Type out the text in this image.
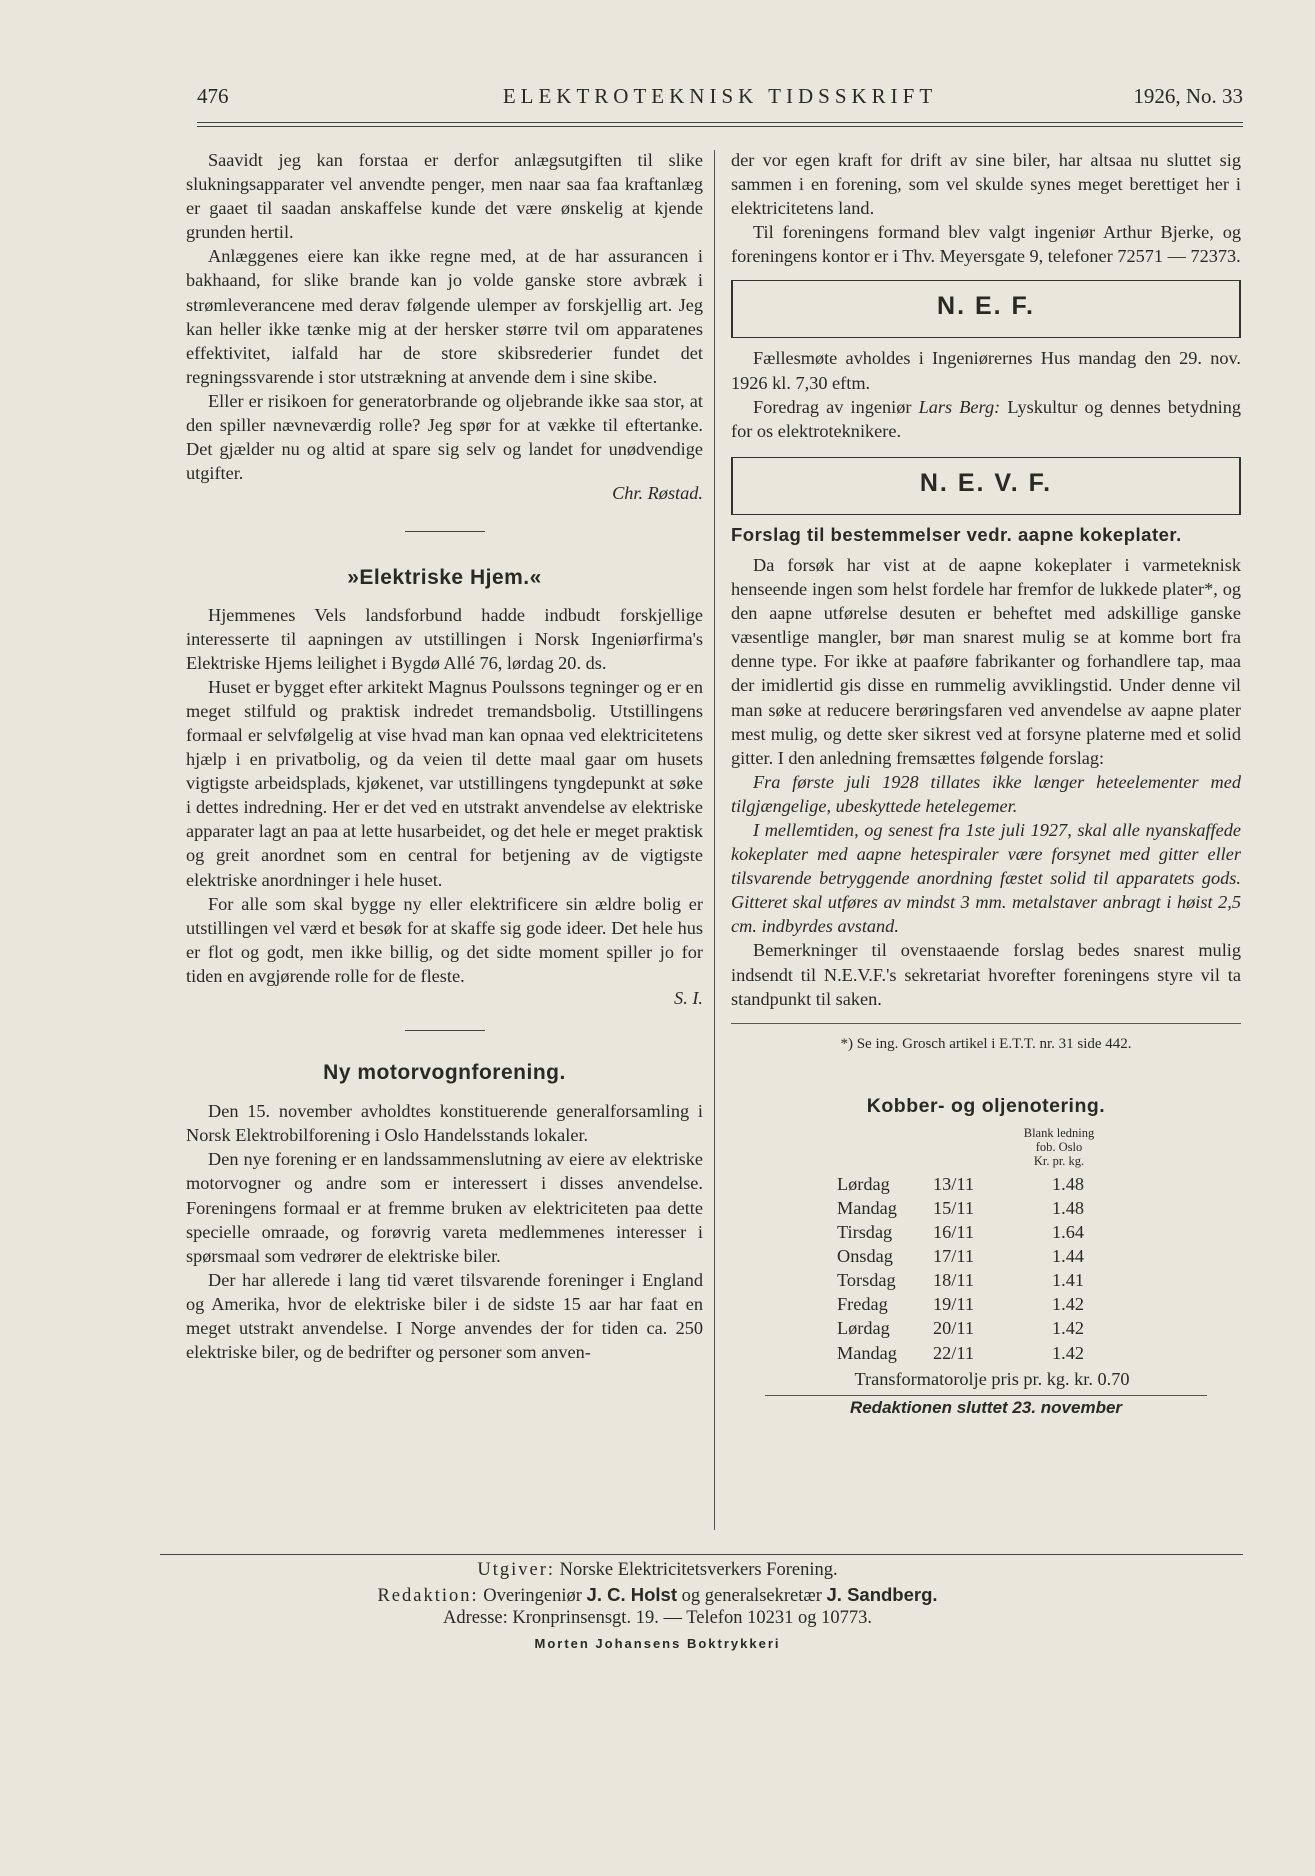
476	ELEKTROTEKNISK TIDSSKRIFT	1926, No. 33

Saavidt jeg kan forstaa er derfor anlægsutgiften til slike slukningsapparater vel anvendte penger, men naar saa faa kraftanlæg er gaaet til saadan anskaffelse kunde det være ønskelig at kjende grunden hertil.

Anlæggenes eiere kan ikke regne med, at de har assurancen i bakhaand, for slike brande kan jo volde ganske store avbræk i strømleverancene med derav følgende ulemper av forskjellig art. Jeg kan heller ikke tænke mig at der hersker større tvil om apparatenes effektivitet, ialfald har de store skibsrederier fundet det regningssvarende i stor utstrækning at anvende dem i sine skibe.

Eller er risikoen for generatorbrande og oljebrande ikke saa stor, at den spiller nævneværdig rolle? Jeg spør for at vække til eftertanke. Det gjælder nu og altid at spare sig selv og landet for unødvendige utgifter.

Chr. Røstad.

»Elektriske Hjem.«

Hjemmenes Vels landsforbund hadde indbudt forskjellige interesserte til aapningen av utstillingen i Norsk Ingeniørfirma's Elektriske Hjems leilighet i Bygdø Allé 76, lørdag 20. ds.

Huset er bygget efter arkitekt Magnus Poulssons tegninger og er en meget stilfuld og praktisk indredet tremandsbolig. Utstillingens formaal er selvfølgelig at vise hvad man kan opnaa ved elektricitetens hjælp i en privatbolig, og da veien til dette maal gaar om husets vigtigste arbeidsplads, kjøkenet, var utstillingens tyngdepunkt at søke i dettes indredning. Her er det ved en utstrakt anvendelse av elektriske apparater lagt an paa at lette husarbeidet, og det hele er meget praktisk og greit anordnet som en central for betjening av de vigtigste elektriske anordninger i hele huset.

For alle som skal bygge ny eller elektrificere sin ældre bolig er utstillingen vel værd et besøk for at skaffe sig gode ideer. Det hele hus er flot og godt, men ikke billig, og det sidte moment spiller jo for tiden en avgjørende rolle for de fleste.

S. I.

Ny motorvognforening.

Den 15. november avholdtes konstituerende generalforsamling i Norsk Elektrobilforening i Oslo Handelsstands lokaler.

Den nye forening er en landssammenslutning av eiere av elektriske motorvogner og andre som er interessert i disses anvendelse. Foreningens formaal er at fremme bruken av elektriciteten paa dette specielle omraade, og forøvrig vareta medlemmenes interesser i spørsmaal som vedrører de elektriske biler.

Der har allerede i lang tid været tilsvarende foreninger i England og Amerika, hvor de elektriske biler i de sidste 15 aar har faat en meget utstrakt anvendelse. I Norge anvendes der for tiden ca. 250 elektriske biler, og de bedrifter og personer som anven-

der vor egen kraft for drift av sine biler, har altsaa nu sluttet sig sammen i en forening, som vel skulde synes meget berettiget her i elektricitetens land.

Til foreningens formand blev valgt ingeniør Arthur Bjerke, og foreningens kontor er i Thv. Meyersgate 9, telefoner 72571 — 72373.

N. E. F.

Fællesmøte avholdes i Ingeniørernes Hus mandag den 29. nov. 1926 kl. 7,30 eftm.

Foredrag av ingeniør Lars Berg: Lyskultur og dennes betydning for os elektroteknikere.

N. E. V. F.

Forslag til bestemmelser vedr. aapne kokeplater.

Da forsøk har vist at de aapne kokeplater i varmeteknisk henseende ingen som helst fordele har fremfor de lukkede plater*, og den aapne utførelse desuten er beheftet med adskillige ganske væsentlige mangler, bør man snarest mulig se at komme bort fra denne type. For ikke at paaføre fabrikanter og forhandlere tap, maa der imidlertid gis disse en rummelig avviklingstid. Under denne vil man søke at reducere berøringsfaren ved anvendelse av aapne plater mest mulig, og dette sker sikrest ved at forsyne platerne med et solid gitter. I den anledning fremsættes følgende forslag:

Fra første juli 1928 tillates ikke længer heteelementer med tilgjængelige, ubeskyttede hetelegemer.

I mellemtiden, og senest fra 1ste juli 1927, skal alle nyanskaffede kokeplater med aapne hetespiraler være forsynet med gitter eller tilsvarende betryggende anordning fæstet solid til apparatets gods. Gitteret skal utføres av mindst 3 mm. metalstaver anbragt i høist 2,5 cm. indbyrdes avstand.

Bemerkninger til ovenstaaende forslag bedes snarest mulig indsendt til N.E.V.F.'s sekretariat hvorefter foreningens styre vil ta standpunkt til saken.

*) Se ing. Grosch artikel i E.T.T. nr. 31 side 442.

Kobber- og oljenotering.

Blank ledning
fob. Oslo
Kr. pr. kg.
Lørdag	13/11	1.48
Mandag	15/11	1.48
Tirsdag	16/11	1.64
Onsdag	17/11	1.44
Torsdag	18/11	1.41
Fredag	19/11	1.42
Lørdag	20/11	1.42
Mandag	22/11	1.42

Transformatorolje pris pr. kg. kr. 0.70

Redaktionen sluttet 23. november

Utgiver: Norske Elektricitetsverkers Forening.
Redaktion: Overingeniør J. C. Holst og generalsekretær J. Sandberg.
Adresse: Kronprinsensgt. 19. — Telefon 10231 og 10773.
Morten Johansens Boktrykkeri
